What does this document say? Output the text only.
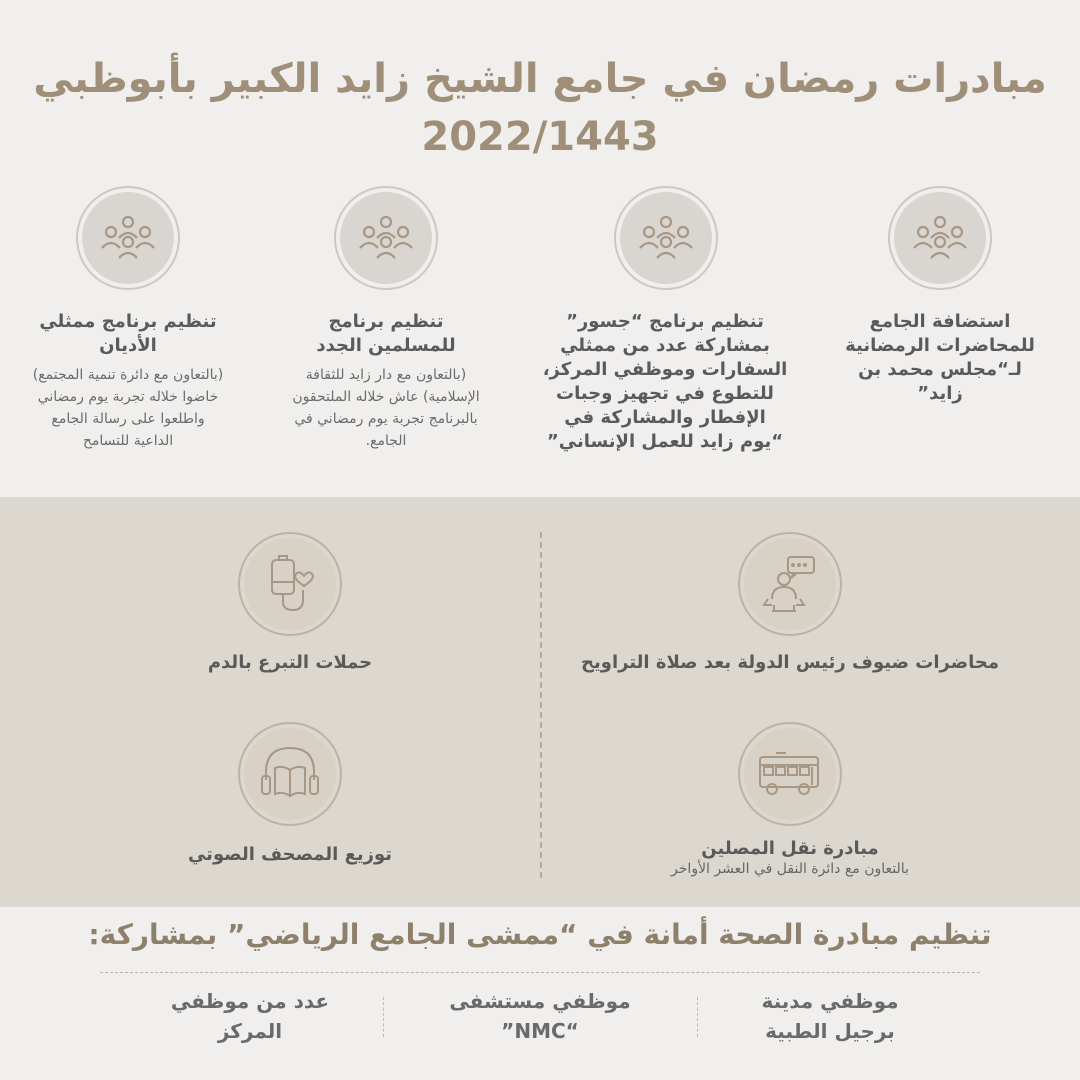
مبادرات رمضان في جامع الشيخ زايد الكبير بأبوظبي
2022/1443
استضافة الجامع للمحاضرات الرمضانية لـ“مجلس محمد بن زايد”
تنظيم برنامج “جسور” بمشاركة عدد من ممثلي السفارات وموظفي المركز، للتطوع في تجهيز وجبات الإفطار والمشاركة في “يوم زايد للعمل الإنساني”
تنظيم برنامج للمسلمين الجدد
(بالتعاون مع دار زايد للثقافة الإسلامية) عاش خلاله الملتحقون بالبرنامج تجربة يوم رمضاني في الجامع.
تنظيم برنامج ممثلي الأديان
(بالتعاون مع دائرة تنمية المجتمع) خاضوا خلاله تجربة يوم رمضاني واطلعوا على رسالة الجامع الداعية للتسامح
محاضرات ضيوف رئيس الدولة بعد صلاة التراويح
حملات التبرع بالدم
مبادرة نقل المصلين
بالتعاون مع دائرة النقل في العشر الأواخر
توزيع المصحف الصوتي
تنظيم مبادرة الصحة أمانة في “ممشى الجامع الرياضي” بمشاركة:
موظفي مدينة
برجيل الطبية
موظفي مستشفى
“NMC”
عدد من موظفي
المركز
